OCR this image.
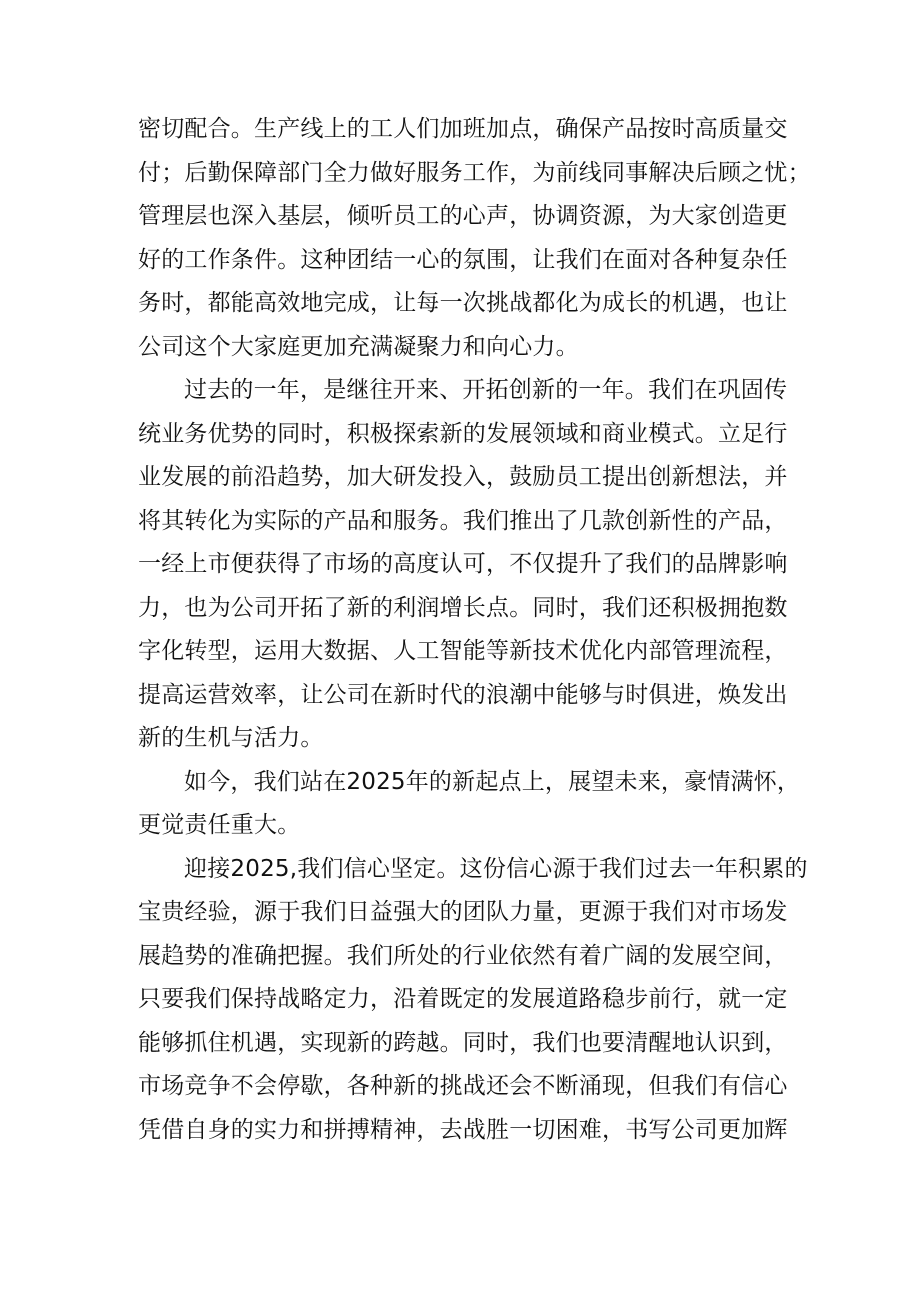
密切配合。生产线上的工人们加班加点，确保产品按时高质量交
付；后勤保障部门全力做好服务工作，为前线同事解决后顾之忧；
管理层也深入基层，倾听员工的心声，协调资源，为大家创造更
好的工作条件。这种团结一心的氛围，让我们在面对各种复杂任
务时，都能高效地完成，让每一次挑战都化为成长的机遇，也让
公司这个大家庭更加充满凝聚力和向心力。
过去的一年，是继往开来、开拓创新的一年。我们在巩固传
统业务优势的同时，积极探索新的发展领域和商业模式。立足行
业发展的前沿趋势，加大研发投入，鼓励员工提出创新想法，并
将其转化为实际的产品和服务。我们推出了几款创新性的产品，
一经上市便获得了市场的高度认可，不仅提升了我们的品牌影响
力，也为公司开拓了新的利润增长点。同时，我们还积极拥抱数
字化转型，运用大数据、人工智能等新技术优化内部管理流程，
提高运营效率，让公司在新时代的浪潮中能够与时俱进，焕发出
新的生机与活力。
如今，我们站在2025年的新起点上，展望未来，豪情满怀，
更觉责任重大。
迎接2025,我们信心坚定。这份信心源于我们过去一年积累的
宝贵经验，源于我们日益强大的团队力量，更源于我们对市场发
展趋势的准确把握。我们所处的行业依然有着广阔的发展空间，
只要我们保持战略定力，沿着既定的发展道路稳步前行，就一定
能够抓住机遇，实现新的跨越。同时，我们也要清醒地认识到，
市场竞争不会停歇，各种新的挑战还会不断涌现，但我们有信心
凭借自身的实力和拼搏精神，去战胜一切困难，书写公司更加辉
